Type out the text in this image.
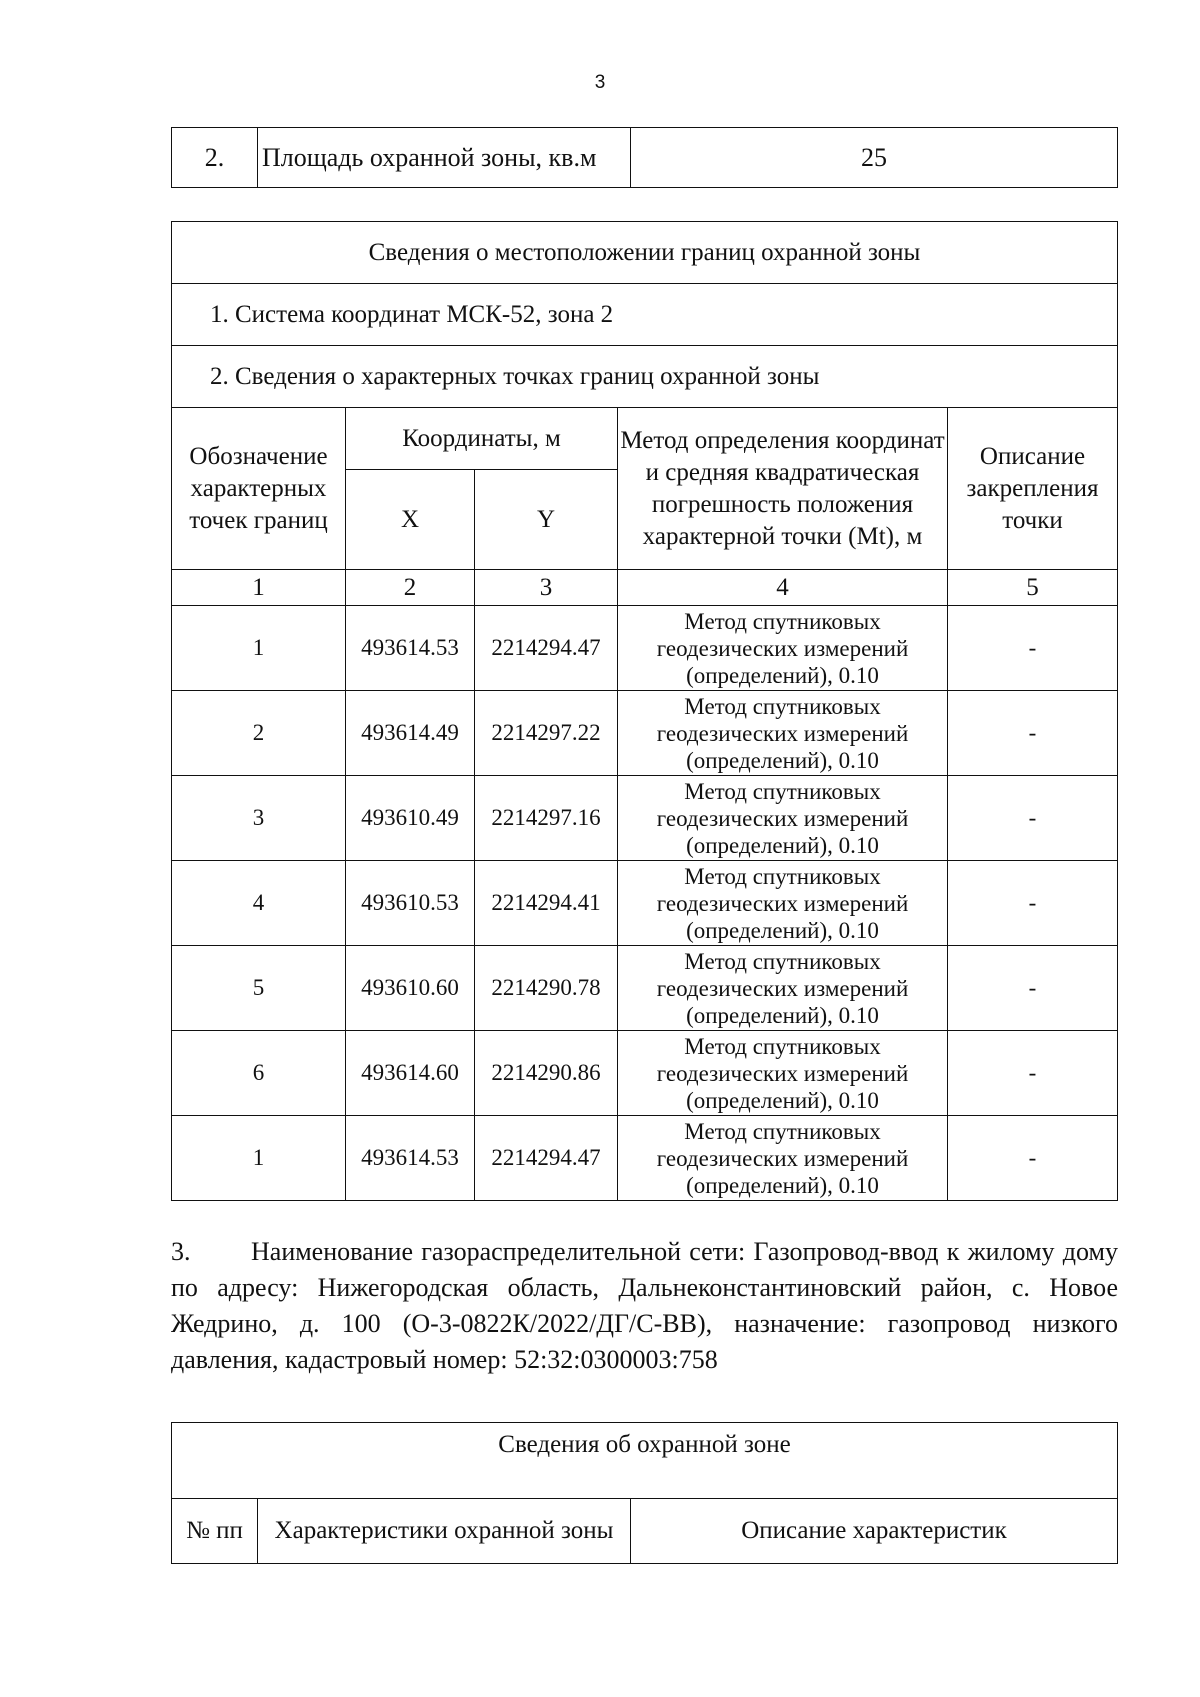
3
2.	Площадь охранной зоны, кв.м	25
Сведения о местоположении границ охранной зоны				
1. Система координат МСК-52, зона 2				
2. Сведения о характерных точках границ охранной зоны				
Обозначение характерных точек границ	Координаты, м		Метод определения координат и средняя квадратическая погрешность положения характерной точки (Mt), м	Описание закрепления точки
	X	Y		
1	2	3	4	5
1	493614.53	2214294.47	Метод спутниковых геодезических измерений (определений), 0.10	-
2	493614.49	2214297.22	Метод спутниковых геодезических измерений (определений), 0.10	-
3	493610.49	2214297.16	Метод спутниковых геодезических измерений (определений), 0.10	-
4	493610.53	2214294.41	Метод спутниковых геодезических измерений (определений), 0.10	-
5	493610.60	2214290.78	Метод спутниковых геодезических измерений (определений), 0.10	-
6	493614.60	2214290.86	Метод спутниковых геодезических измерений (определений), 0.10	-
1	493614.53	2214294.47	Метод спутниковых геодезических измерений (определений), 0.10	-

3. Наименование газораспределительной сети: Газопровод-ввод к жилому дому по адресу: Нижегородская область, Дальнеконстантиновский район, с. Новое Жедрино, д. 100 (О-3-0822К/2022/ДГ/С-ВВ), назначение: газопровод низкого давления, кадастровый номер: 52:32:0300003:758

Сведения об охранной зоне
№ пп	Характеристики охранной зоны	Описание характеристик
